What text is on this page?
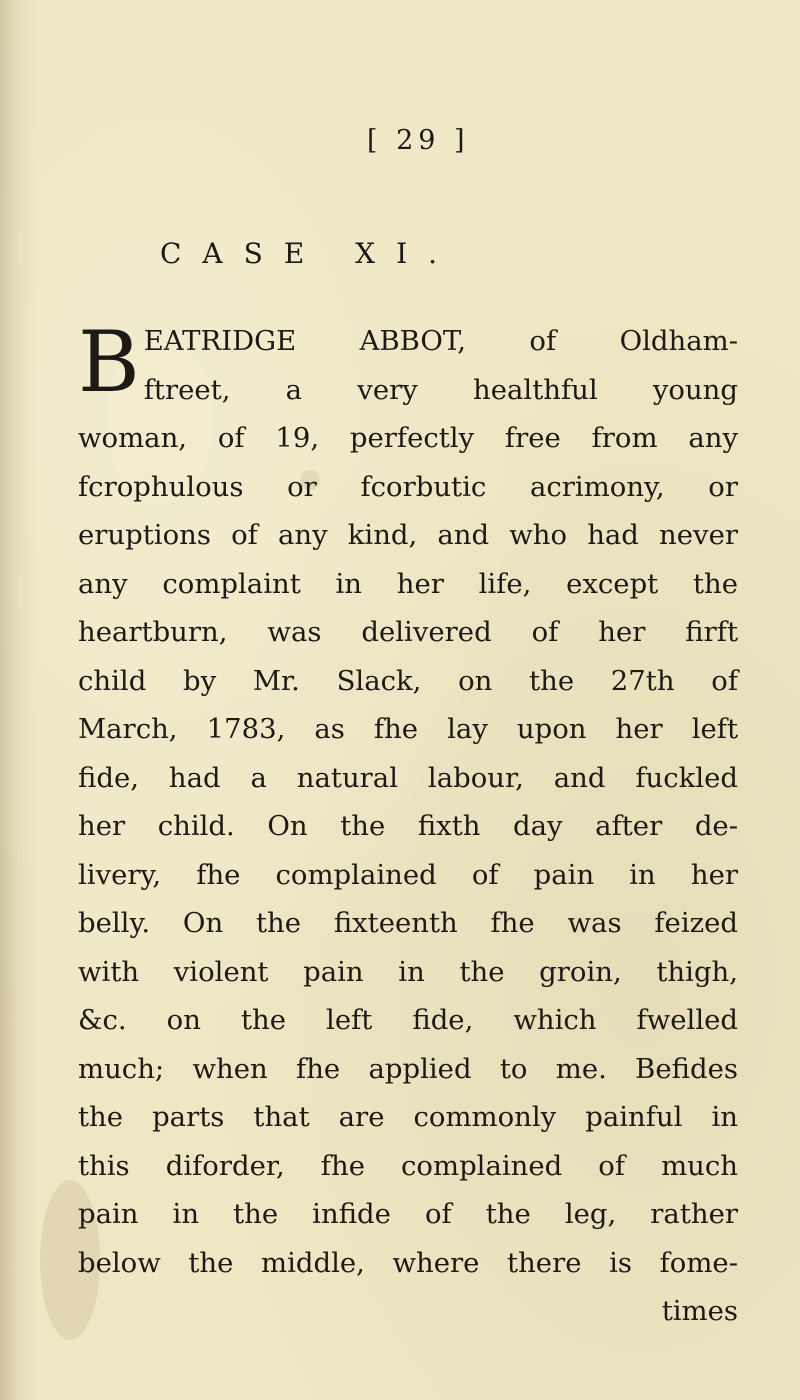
[ 29 ]
CASE XI.
B EATRIDGE ABBOT, of Oldham-
ftreet, a very healthful young
woman, of 19, perfectly free from any
fcrophulous or fcorbutic acrimony, or
eruptions of any kind, and who had never
any complaint in her life, except the
heartburn, was delivered of her firft
child by Mr. Slack, on the 27th of
March, 1783, as fhe lay upon her left
fide, had a natural labour, and fuckled
her child. On the fixth day after de-
livery, fhe complained of pain in her
belly. On the fixteenth fhe was feized
with violent pain in the groin, thigh,
&c. on the left fide, which fwelled
much; when fhe applied to me. Befides
the parts that are commonly painful in
this diforder, fhe complained of much
pain in the infide of the leg, rather
below the middle, where there is fome-
times
